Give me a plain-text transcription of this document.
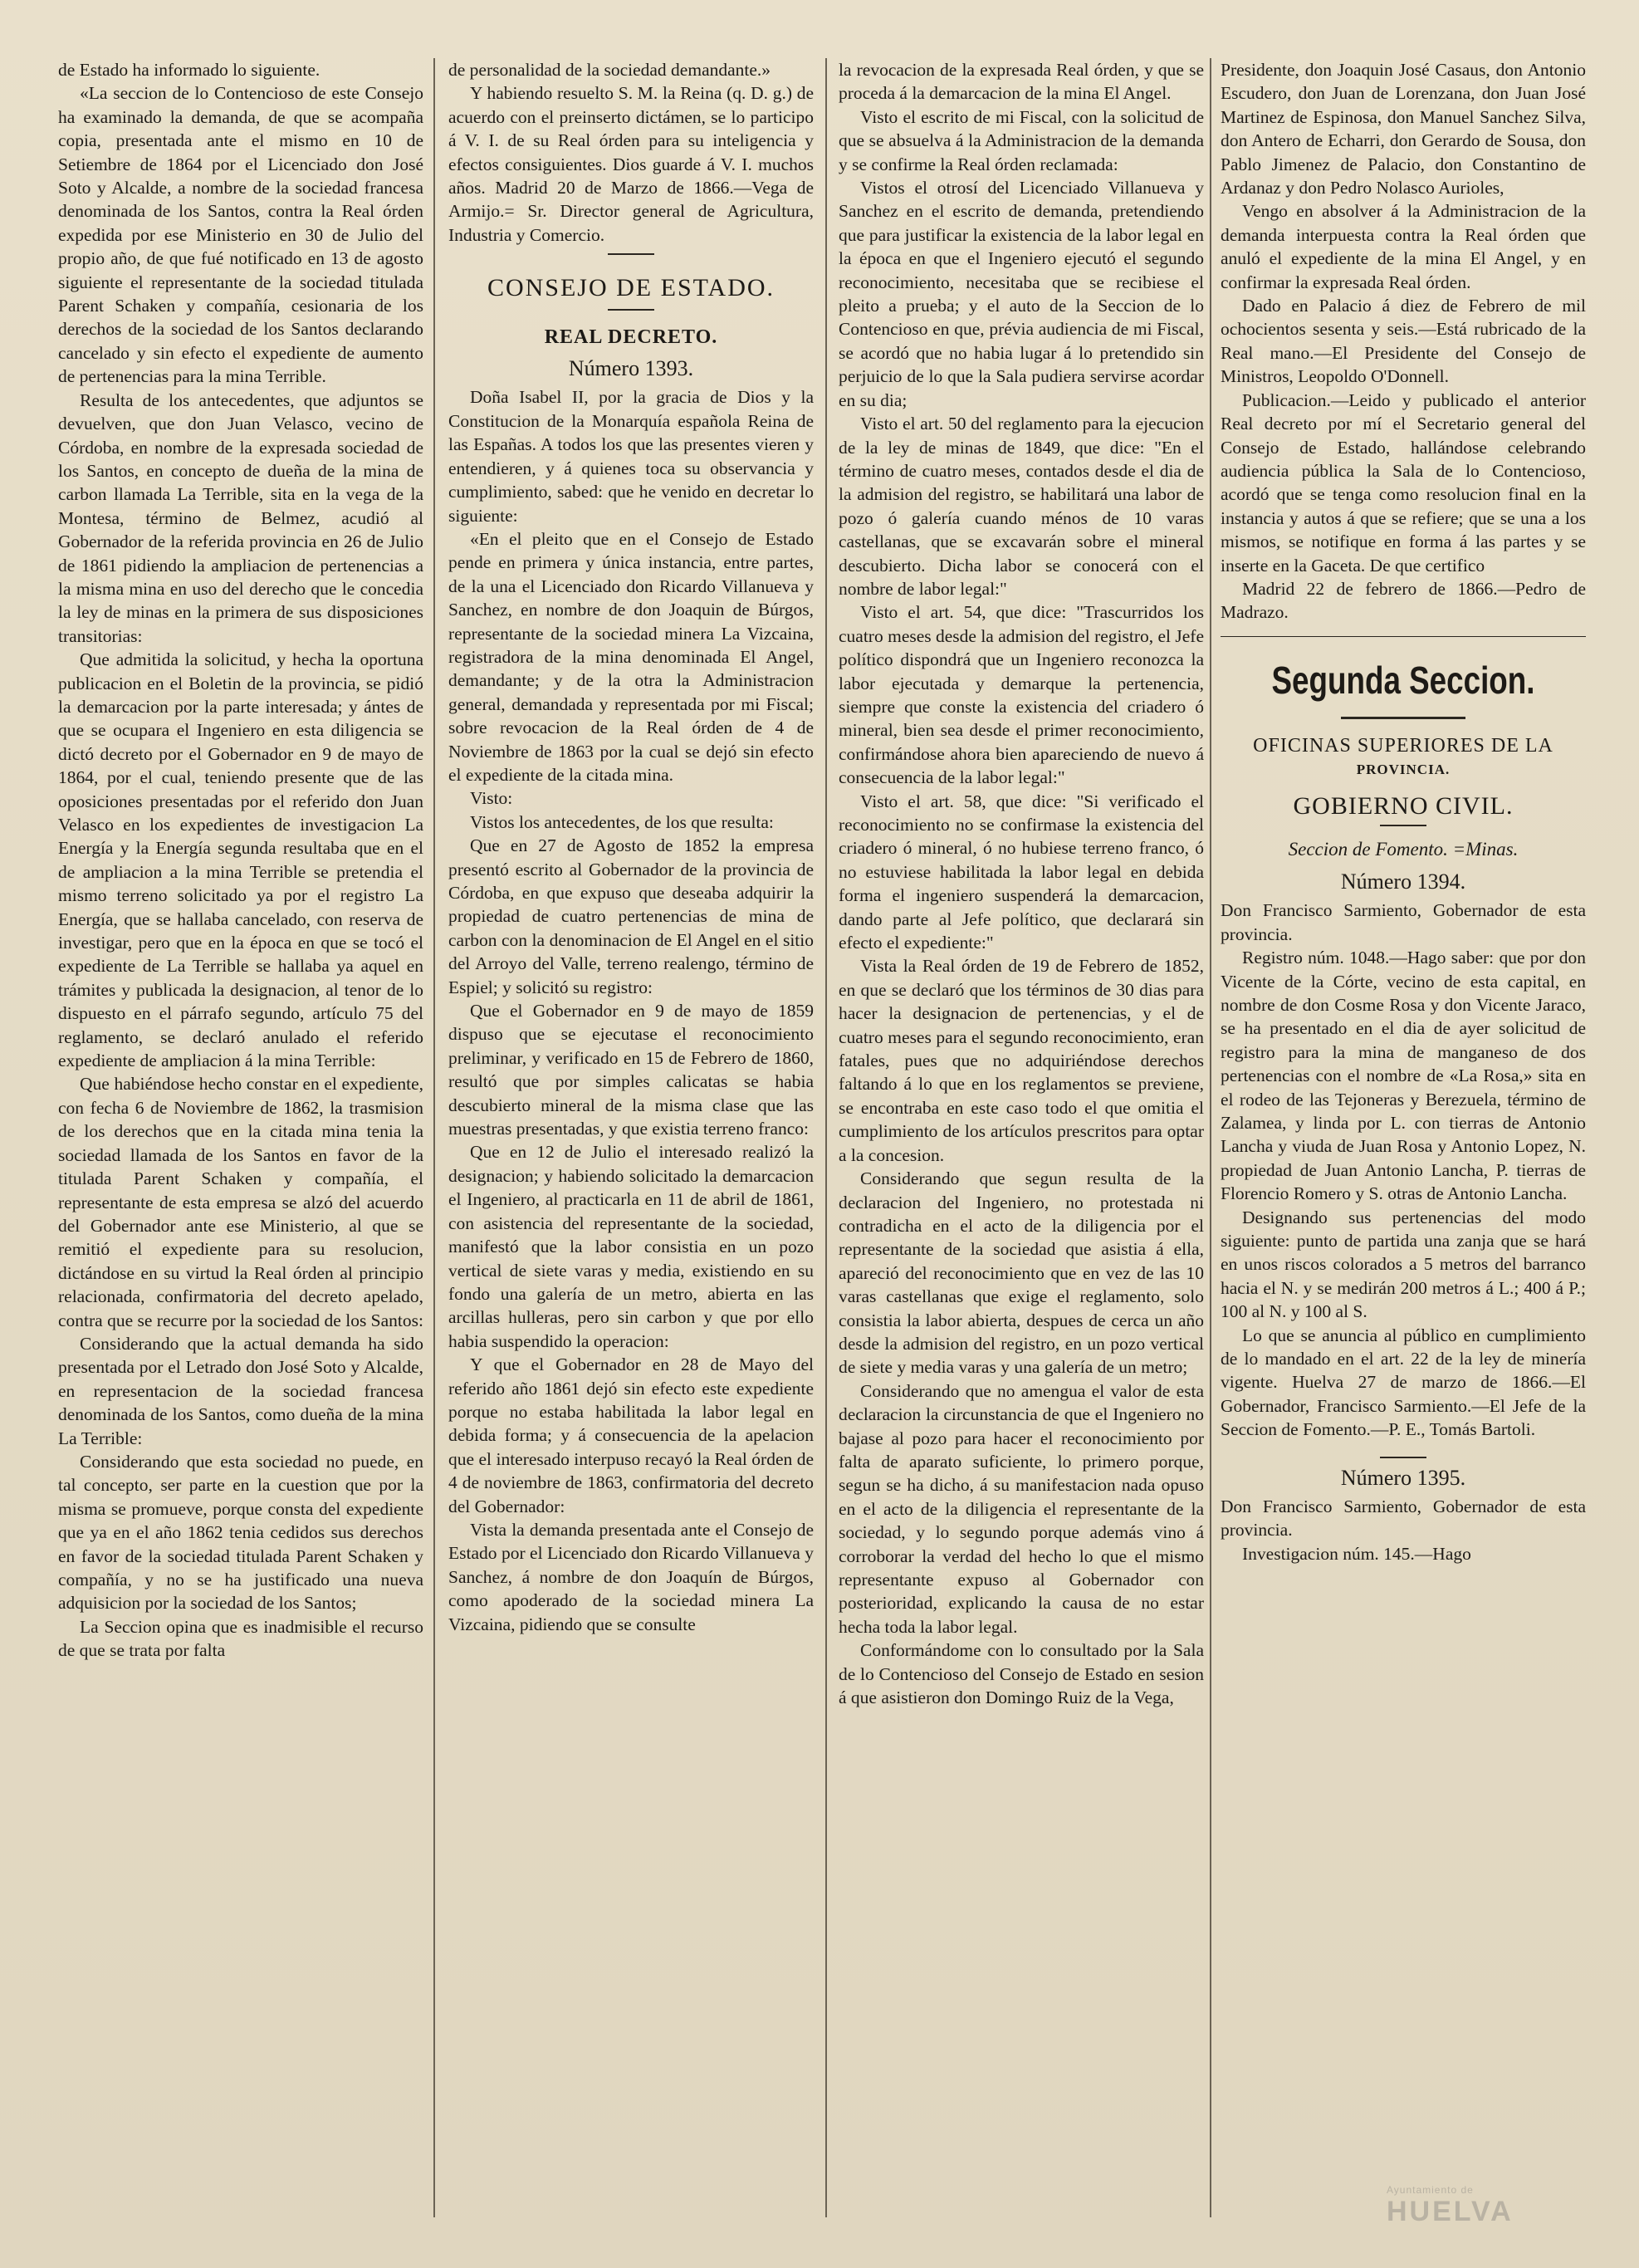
de Estado ha informado lo siguiente.

«La seccion de lo Contencioso de este Consejo ha examinado la demanda, de que se acompaña copia, presentada ante el mismo en 10 de Setiembre de 1864 por el Licenciado don José Soto y Alcalde, a nombre de la sociedad francesa denominada de los Santos, contra la Real órden expedida por ese Ministerio en 30 de Julio del propio año, de que fué notificado en 13 de agosto siguiente el representante de la sociedad titulada Parent Schaken y compañía, cesionaria de los derechos de la sociedad de los Santos declarando cancelado y sin efecto el expediente de aumento de pertenencias para la mina Terrible.

Resulta de los antecedentes, que adjuntos se devuelven, que don Juan Velasco, vecino de Córdoba, en nombre de la expresada sociedad de los Santos, en concepto de dueña de la mina de carbon llamada La Terrible, sita en la vega de la Montesa, término de Belmez, acudió al Gobernador de la referida provincia en 26 de Julio de 1861 pidiendo la ampliacion de pertenencias a la misma mina en uso del derecho que le concedia la ley de minas en la primera de sus disposiciones transitorias:

Que admitida la solicitud, y hecha la oportuna publicacion en el Boletin de la provincia, se pidió la demarcacion por la parte interesada; y ántes de que se ocupara el Ingeniero en esta diligencia se dictó decreto por el Gobernador en 9 de mayo de 1864, por el cual, teniendo presente que de las oposiciones presentadas por el referido don Juan Velasco en los expedientes de investigacion La Energía y la Energía segunda resultaba que en el de ampliacion a la mina Terrible se pretendia el mismo terreno solicitado ya por el registro La Energía, que se hallaba cancelado, con reserva de investigar, pero que en la época en que se tocó el expediente de La Terrible se hallaba ya aquel en trámites y publicada la designacion, al tenor de lo dispuesto en el párrafo segundo, artículo 75 del reglamento, se declaró anulado el referido expediente de ampliacion á la mina Terrible:

Que habiéndose hecho constar en el expediente, con fecha 6 de Noviembre de 1862, la trasmision de los derechos que en la citada mina tenia la sociedad llamada de los Santos en favor de la titulada Parent Schaken y compañía, el representante de esta empresa se alzó del acuerdo del Gobernador ante ese Ministerio, al que se remitió el expediente para su resolucion, dictándose en su virtud la Real órden al principio relacionada, confirmatoria del decreto apelado, contra que se recurre por la sociedad de los Santos:

Considerando que la actual demanda ha sido presentada por el Letrado don José Soto y Alcalde, en representacion de la sociedad francesa denominada de los Santos, como dueña de la mina La Terrible:

Considerando que esta sociedad no puede, en tal concepto, ser parte en la cuestion que por la misma se promueve, porque consta del expediente que ya en el año 1862 tenia cedidos sus derechos en favor de la sociedad titulada Parent Schaken y compañía, y no se ha justificado una nueva adquisicion por la sociedad de los Santos;

La Seccion opina que es inadmisible el recurso de que se trata por falta

de personalidad de la sociedad demandante.»

Y habiendo resuelto S. M. la Reina (q. D. g.) de acuerdo con el preinserto dictámen, se lo participo á V. I. de su Real órden para su inteligencia y efectos consiguientes. Dios guarde á V. I. muchos años. Madrid 20 de Marzo de 1866.—Vega de Armijo.= Sr. Director general de Agricultura, Industria y Comercio.

CONSEJO DE ESTADO.
REAL DECRETO.
Número 1393.

Doña Isabel II, por la gracia de Dios y la Constitucion de la Monarquía española Reina de las Españas. A todos los que las presentes vieren y entendieren, y á quienes toca su observancia y cumplimiento, sabed: que he venido en decretar lo siguiente:

«En el pleito que en el Consejo de Estado pende en primera y única instancia, entre partes, de la una el Licenciado don Ricardo Villanueva y Sanchez, en nombre de don Joaquin de Búrgos, representante de la sociedad minera La Vizcaina, registradora de la mina denominada El Angel, demandante; y de la otra la Administracion general, demandada y representada por mi Fiscal; sobre revocacion de la Real órden de 4 de Noviembre de 1863 por la cual se dejó sin efecto el expediente de la citada mina.

Visto:

Vistos los antecedentes, de los que resulta:

Que en 27 de Agosto de 1852 la empresa presentó escrito al Gobernador de la provincia de Córdoba, en que expuso que deseaba adquirir la propiedad de cuatro pertenencias de mina de carbon con la denominacion de El Angel en el sitio del Arroyo del Valle, terreno realengo, término de Espiel; y solicitó su registro:

Que el Gobernador en 9 de mayo de 1859 dispuso que se ejecutase el reconocimiento preliminar, y verificado en 15 de Febrero de 1860, resultó que por simples calicatas se habia descubierto mineral de la misma clase que las muestras presentadas, y que existia terreno franco:

Que en 12 de Julio el interesado realizó la designacion; y habiendo solicitado la demarcacion el Ingeniero, al practicarla en 11 de abril de 1861, con asistencia del representante de la sociedad, manifestó que la labor consistia en un pozo vertical de siete varas y media, existiendo en su fondo una galería de un metro, abierta en las arcillas hulleras, pero sin carbon y que por ello habia suspendido la operacion:

Y que el Gobernador en 28 de Mayo del referido año 1861 dejó sin efecto este expediente porque no estaba habilitada la labor legal en debida forma; y á consecuencia de la apelacion que el interesado interpuso recayó la Real órden de 4 de noviembre de 1863, confirmatoria del decreto del Gobernador:

Vista la demanda presentada ante el Consejo de Estado por el Licenciado don Ricardo Villanueva y Sanchez, á nombre de don Joaquín de Búrgos, como apoderado de la sociedad minera La Vizcaina, pidiendo que se consulte

la revocacion de la expresada Real órden, y que se proceda á la demarcacion de la mina El Angel.

Visto el escrito de mi Fiscal, con la solicitud de que se absuelva á la Administracion de la demanda y se confirme la Real órden reclamada:

Vistos el otrosí del Licenciado Villanueva y Sanchez en el escrito de demanda, pretendiendo que para justificar la existencia de la labor legal en la época en que el Ingeniero ejecutó el segundo reconocimiento, necesitaba que se recibiese el pleito a prueba; y el auto de la Seccion de lo Contencioso en que, prévia audiencia de mi Fiscal, se acordó que no habia lugar á lo pretendido sin perjuicio de lo que la Sala pudiera servirse acordar en su dia;

Visto el art. 50 del reglamento para la ejecucion de la ley de minas de 1849, que dice: "En el término de cuatro meses, contados desde el dia de la admision del registro, se habilitará una labor de pozo ó galería cuando ménos de 10 varas castellanas, que se excavarán sobre el mineral descubierto. Dicha labor se conocerá con el nombre de labor legal:"

Visto el art. 54, que dice: "Trascurridos los cuatro meses desde la admision del registro, el Jefe político dispondrá que un Ingeniero reconozca la labor ejecutada y demarque la pertenencia, siempre que conste la existencia del criadero ó mineral, bien sea desde el primer reconocimiento, confirmándose ahora bien apareciendo de nuevo á consecuencia de la labor legal:"

Visto el art. 58, que dice: "Si verificado el reconocimiento no se confirmase la existencia del criadero ó mineral, ó no hubiese terreno franco, ó no estuviese habilitada la labor legal en debida forma el ingeniero suspenderá la demarcacion, dando parte al Jefe político, que declarará sin efecto el expediente:"

Vista la Real órden de 19 de Febrero de 1852, en que se declaró que los términos de 30 dias para hacer la designacion de pertenencias, y el de cuatro meses para el segundo reconocimiento, eran fatales, pues que no adquiriéndose derechos faltando á lo que en los reglamentos se previene, se encontraba en este caso todo el que omitia el cumplimiento de los artículos prescritos para optar a la concesion.

Considerando que segun resulta de la declaracion del Ingeniero, no protestada ni contradicha en el acto de la diligencia por el representante de la sociedad que asistia á ella, apareció del reconocimiento que en vez de las 10 varas castellanas que exige el reglamento, solo consistia la labor abierta, despues de cerca un año desde la admision del registro, en un pozo vertical de siete y media varas y una galería de un metro;

Considerando que no amengua el valor de esta declaracion la circunstancia de que el Ingeniero no bajase al pozo para hacer el reconocimiento por falta de aparato suficiente, lo primero porque, segun se ha dicho, á su manifestacion nada opuso en el acto de la diligencia el representante de la sociedad, y lo segundo porque además vino á corroborar la verdad del hecho lo que el mismo representante expuso al Gobernador con posterioridad, explicando la causa de no estar hecha toda la labor legal.

Conformándome con lo consultado por la Sala de lo Contencioso del Consejo de Estado en sesion á que asistieron don Domingo Ruiz de la Vega,

Presidente, don Joaquin José Casaus, don Antonio Escudero, don Juan de Lorenzana, don Juan José Martinez de Espinosa, don Manuel Sanchez Silva, don Antero de Echarri, don Gerardo de Sousa, don Pablo Jimenez de Palacio, don Constantino de Ardanaz y don Pedro Nolasco Aurioles,

Vengo en absolver á la Administracion de la demanda interpuesta contra la Real órden que anuló el expediente de la mina El Angel, y en confirmar la expresada Real órden.

Dado en Palacio á diez de Febrero de mil ochocientos sesenta y seis.—Está rubricado de la Real mano.—El Presidente del Consejo de Ministros, Leopoldo O'Donnell.

Publicacion.—Leido y publicado el anterior Real decreto por mí el Secretario general del Consejo de Estado, hallándose celebrando audiencia pública la Sala de lo Contencioso, acordó que se tenga como resolucion final en la instancia y autos á que se refiere; que se una a los mismos, se notifique en forma á las partes y se inserte en la Gaceta. De que certifico

Madrid 22 de febrero de 1866.—Pedro de Madrazo.

Segunda Seccion.
OFICINAS SUPERIORES DE LA
PROVINCIA.
GOBIERNO CIVIL.
Seccion de Fomento. =Minas.
Número 1394.

Don Francisco Sarmiento, Gobernador de esta provincia.

Registro núm. 1048.—Hago saber: que por don Vicente de la Córte, vecino de esta capital, en nombre de don Cosme Rosa y don Vicente Jaraco, se ha presentado en el dia de ayer solicitud de registro para la mina de manganeso de dos pertenencias con el nombre de «La Rosa,» sita en el rodeo de las Tejoneras y Berezuela, término de Zalamea, y linda por L. con tierras de Antonio Lancha y viuda de Juan Rosa y Antonio Lopez, N. propiedad de Juan Antonio Lancha, P. tierras de Florencio Romero y S. otras de Antonio Lancha.

Designando sus pertenencias del modo siguiente: punto de partida una zanja que se hará en unos riscos colorados a 5 metros del barranco hacia el N. y se medirán 200 metros á L.; 400 á P.; 100 al N. y 100 al S.

Lo que se anuncia al público en cumplimiento de lo mandado en el art. 22 de la ley de minería vigente. Huelva 27 de marzo de 1866.—El Gobernador, Francisco Sarmiento.—El Jefe de la Seccion de Fomento.—P. E., Tomás Bartoli.

Número 1395.

Don Francisco Sarmiento, Gobernador de esta provincia.

Investigacion núm. 145.—Hago

Ayuntamiento de
HUELVA
